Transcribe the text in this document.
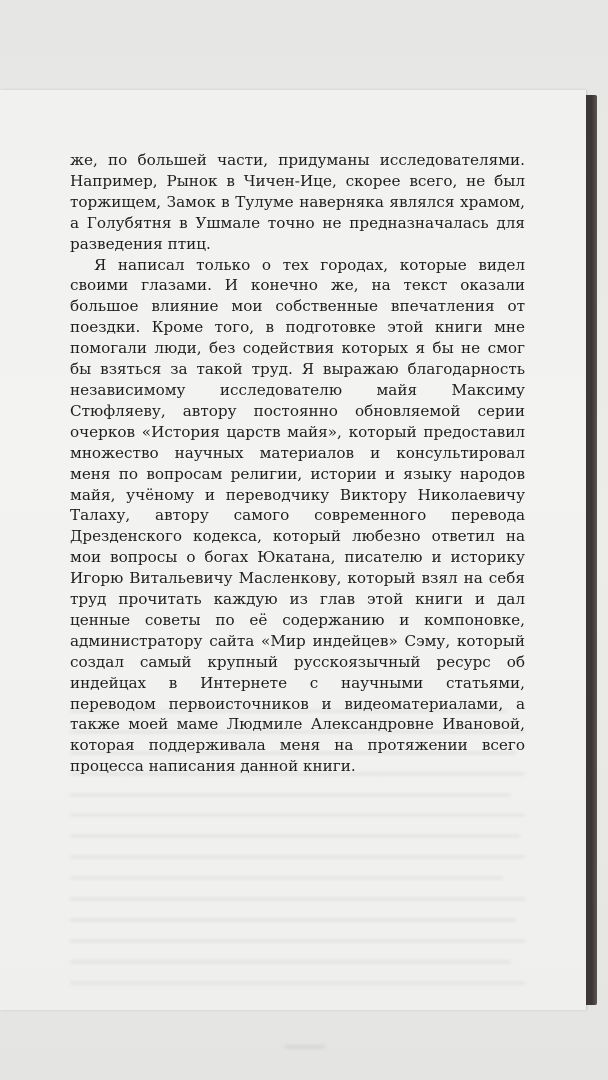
же, по большей части, придуманы исследователями. Например, Рынок в Чичен-Ице, скорее всего, не был торжищем, Замок в Тулуме наверняка являлся храмом, а Голубятня в Ушмале точно не предназначалась для разведения птиц.

Я написал только о тех городах, которые видел своими глазами. И конечно же, на текст оказали большое влияние мои собственные впечатления от поездки. Кроме того, в подготовке этой книги мне помогали люди, без содействия которых я бы не смог бы взяться за такой труд. Я выражаю благодарность независимому исследователю майя Максиму Стюфляеву, автору постоянно обновляемой серии очерков «История царств майя», который предоставил множество научных материалов и консультировал меня по вопросам религии, истории и языку народов майя, учёному и переводчику Виктору Николаевичу Талаху, автору самого современного перевода Дрезденского кодекса, который любезно ответил на мои вопросы о богах Юкатана, писателю и историку Игорю Витальевичу Масленкову, который взял на себя труд прочитать каждую из глав этой книги и дал ценные советы по её содержанию и компоновке, администратору сайта «Мир индейцев» Сэму, который создал самый крупный русскоязычный ресурс об индейцах в Интернете с научными статьями, переводом первоисточников и видеоматериалами, а также моей маме Людмиле Александровне Ивановой, которая поддерживала меня на протяжении всего процесса написания данной книги.
